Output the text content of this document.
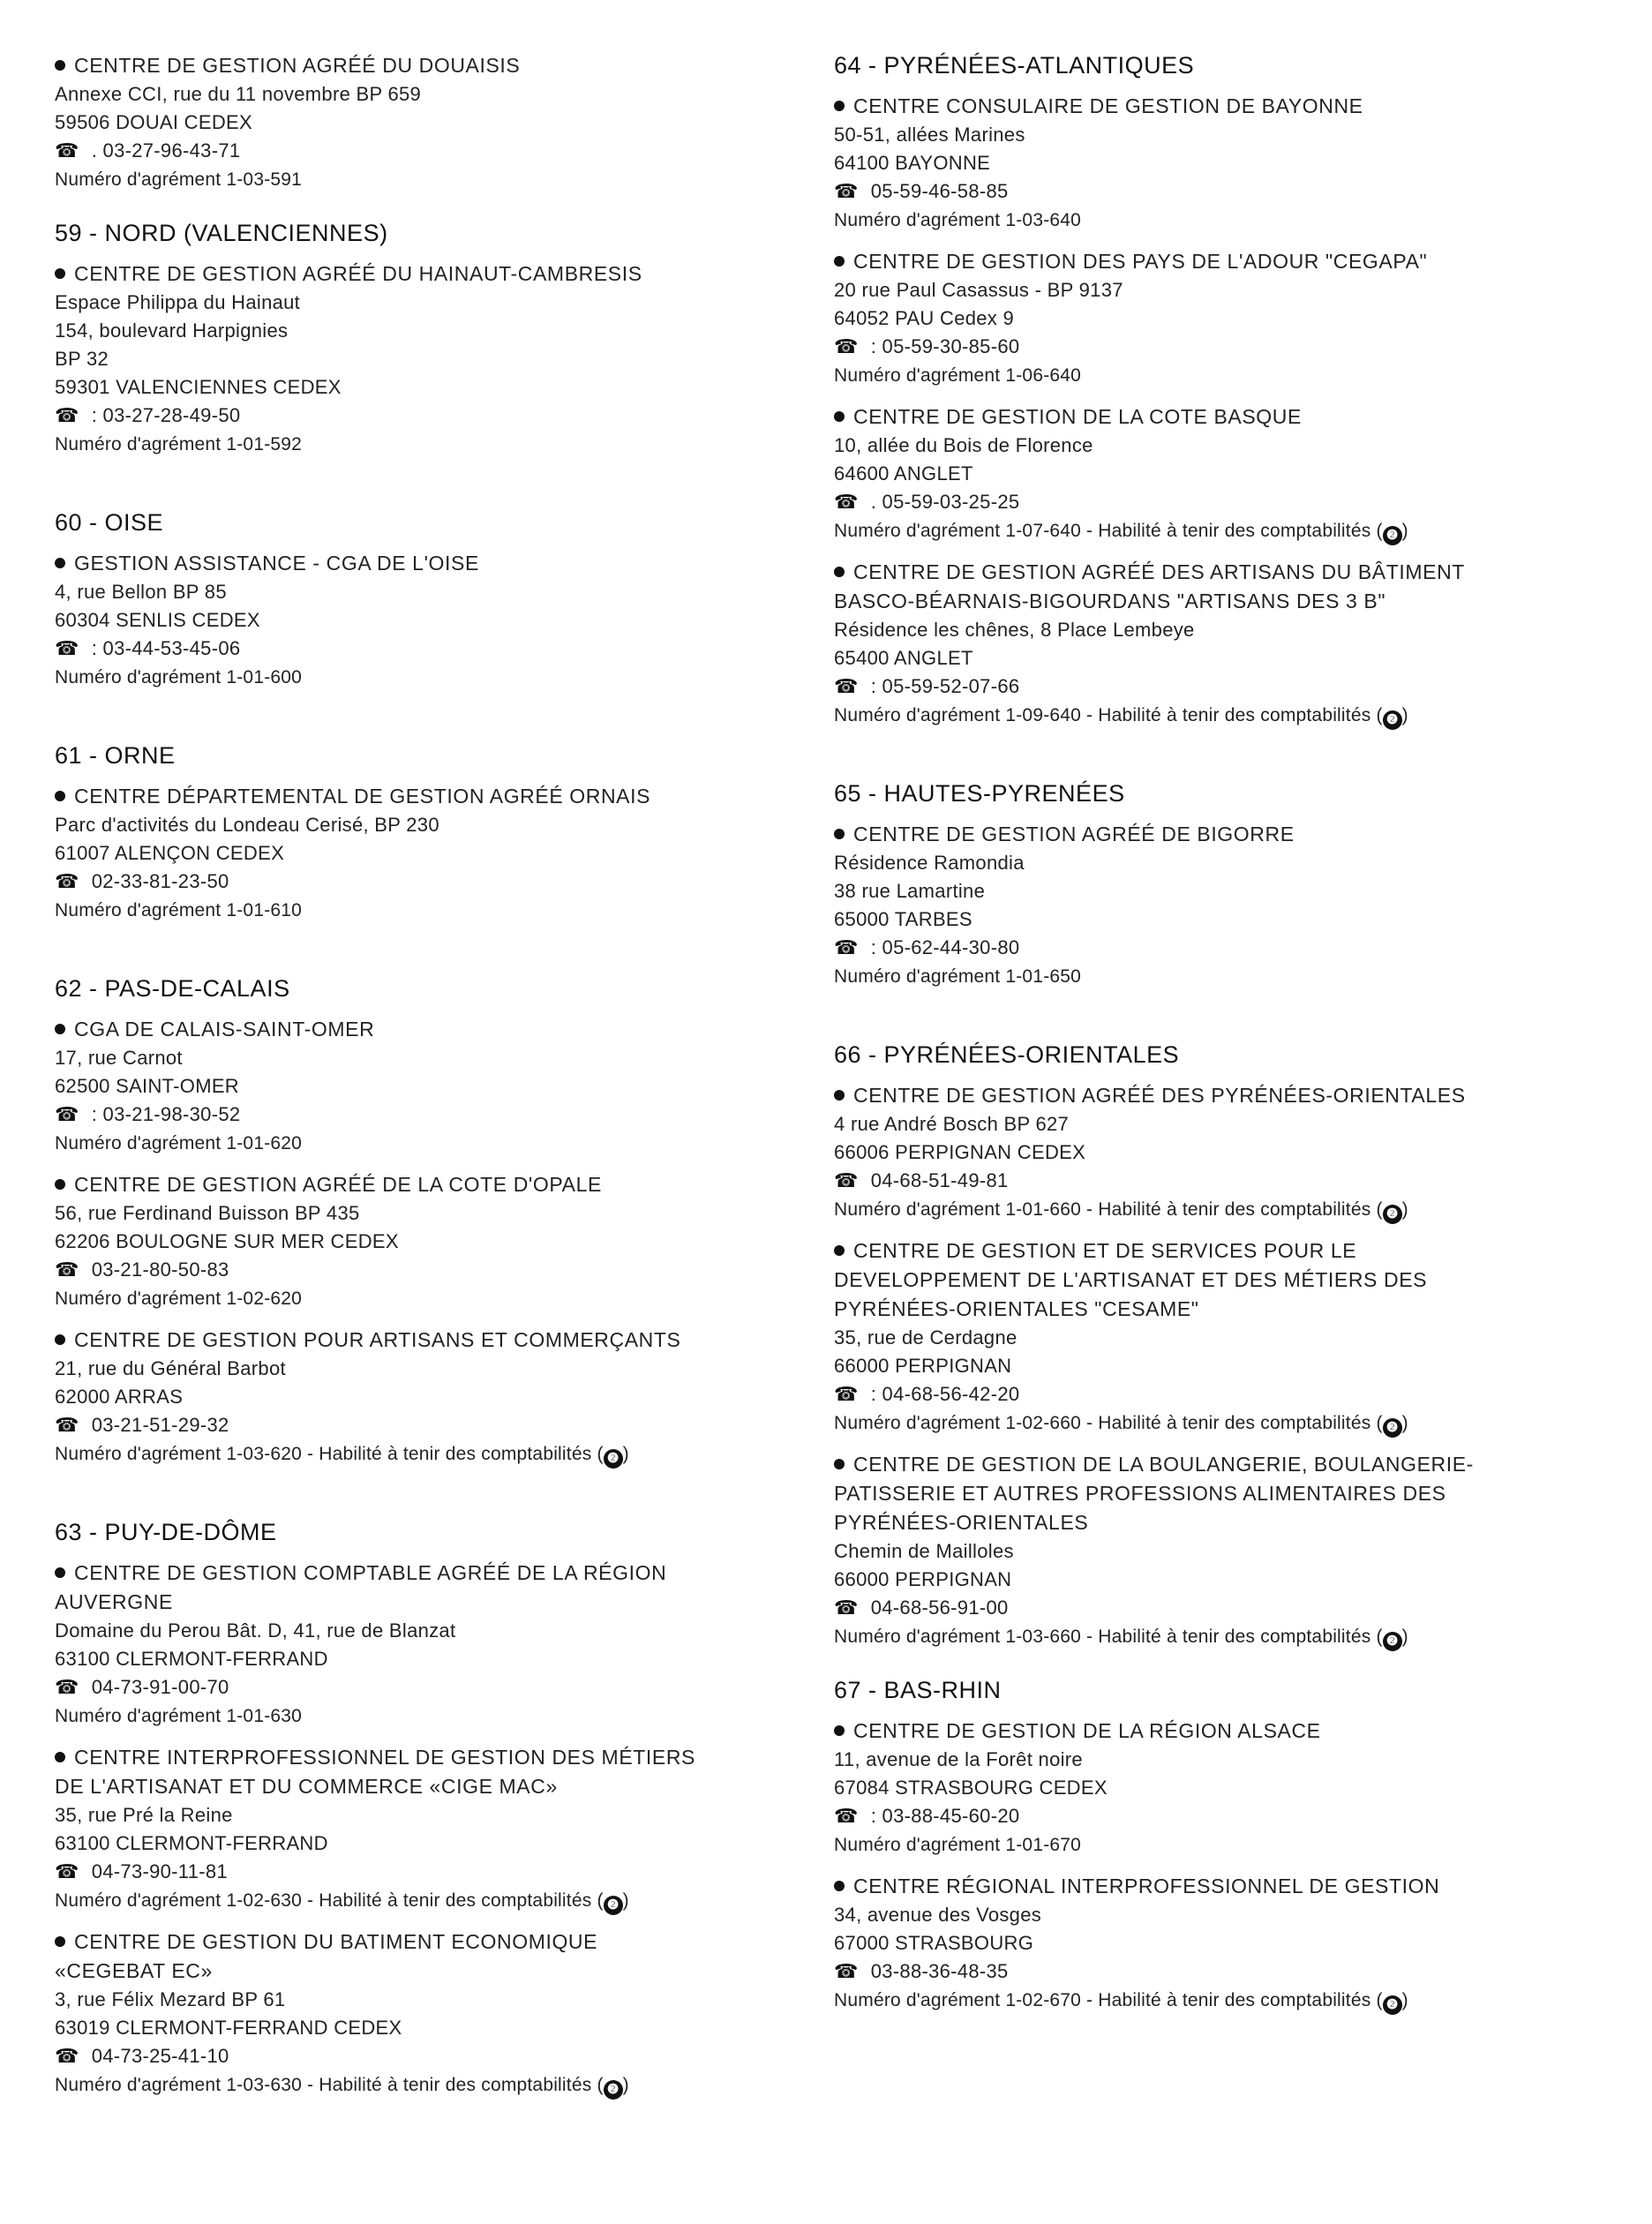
CENTRE DE GESTION AGRÉÉ DU DOUAISIS
Annexe CCI, rue du 11 novembre BP 659
59506 DOUAI CEDEX
☎ . 03-27-96-43-71
Numéro d'agrément 1-03-591
59 - NORD (VALENCIENNES)
CENTRE DE GESTION AGRÉÉ DU HAINAUT-CAMBRESIS
Espace Philippa du Hainaut
154, boulevard Harpignies
BP 32
59301 VALENCIENNES CEDEX
☎ : 03-27-28-49-50
Numéro d'agrément 1-01-592
60 - OISE
GESTION ASSISTANCE - CGA DE L'OISE
4, rue Bellon BP 85
60304 SENLIS CEDEX
☎ : 03-44-53-45-06
Numéro d'agrément 1-01-600
61 - ORNE
CENTRE DÉPARTEMENTAL DE GESTION AGRÉÉ ORNAIS
Parc d'activités du Londeau Cerisé, BP 230
61007 ALENÇON CEDEX
☎ 02-33-81-23-50
Numéro d'agrément 1-01-610
62 - PAS-DE-CALAIS
CGA DE CALAIS-SAINT-OMER
17, rue Carnot
62500 SAINT-OMER
☎ : 03-21-98-30-52
Numéro d'agrément 1-01-620
CENTRE DE GESTION AGRÉÉ DE LA COTE D'OPALE
56, rue Ferdinand Buisson BP 435
62206 BOULOGNE SUR MER CEDEX
☎ 03-21-80-50-83
Numéro d'agrément 1-02-620
CENTRE DE GESTION POUR ARTISANS ET COMMERÇANTS
21, rue du Général Barbot
62000 ARRAS
☎ 03-21-51-29-32
Numéro d'agrément 1-03-620 - Habilité à tenir des comptabilités ( ❷ )
63 - PUY-DE-DÔME
CENTRE DE GESTION COMPTABLE AGRÉÉ DE LA RÉGION
AUVERGNE
Domaine du Perou Bât. D, 41, rue de Blanzat
63100 CLERMONT-FERRAND
☎ 04-73-91-00-70
Numéro d'agrément 1-01-630
CENTRE INTERPROFESSIONNEL DE GESTION DES MÉTIERS
DE L'ARTISANAT ET DU COMMERCE «CIGE MAC»
35, rue Pré la Reine
63100 CLERMONT-FERRAND
☎ 04-73-90-11-81
Numéro d'agrément 1-02-630 - Habilité à tenir des comptabilités ( ❷ )
CENTRE DE GESTION DU BATIMENT ECONOMIQUE
«CEGEBAT EC»
3, rue Félix Mezard BP 61
63019 CLERMONT-FERRAND CEDEX
☎ 04-73-25-41-10
Numéro d'agrément 1-03-630 - Habilité à tenir des comptabilités ( ❷ )
64 - PYRÉNÉES-ATLANTIQUES
CENTRE CONSULAIRE DE GESTION DE BAYONNE
50-51, allées Marines
64100 BAYONNE
☎ 05-59-46-58-85
Numéro d'agrément 1-03-640
CENTRE DE GESTION DES PAYS DE L'ADOUR "CEGAPA"
20 rue Paul Casassus - BP 9137
64052 PAU Cedex 9
☎ : 05-59-30-85-60
Numéro d'agrément 1-06-640
CENTRE DE GESTION DE LA COTE BASQUE
10, allée du Bois de Florence
64600 ANGLET
☎ . 05-59-03-25-25
Numéro d'agrément 1-07-640 - Habilité à tenir des comptabilités ( ❷ )
CENTRE DE GESTION AGRÉÉ DES ARTISANS DU BÂTIMENT
BASCO-BÉARNAIS-BIGOURDANS "ARTISANS DES 3 B"
Résidence les chênes, 8 Place Lembeye
65400 ANGLET
☎ : 05-59-52-07-66
Numéro d'agrément 1-09-640 - Habilité à tenir des comptabilités ( ❷ )
65 - HAUTES-PYRENÉES
CENTRE DE GESTION AGRÉÉ DE BIGORRE
Résidence Ramondia
38 rue Lamartine
65000 TARBES
☎ : 05-62-44-30-80
Numéro d'agrément 1-01-650
66 - PYRÉNÉES-ORIENTALES
CENTRE DE GESTION AGRÉÉ DES PYRÉNÉES-ORIENTALES
4 rue André Bosch BP 627
66006 PERPIGNAN CEDEX
☎ 04-68-51-49-81
Numéro d'agrément 1-01-660 - Habilité à tenir des comptabilités ( ❷ )
CENTRE DE GESTION ET DE SERVICES POUR LE
DEVELOPPEMENT DE L'ARTISANAT ET DES MÉTIERS DES
PYRÉNÉES-ORIENTALES "CESAME"
35, rue de Cerdagne
66000 PERPIGNAN
☎ : 04-68-56-42-20
Numéro d'agrément 1-02-660 - Habilité à tenir des comptabilités ( ❷ )
CENTRE DE GESTION DE LA BOULANGERIE, BOULANGERIE-
PATISSERIE ET AUTRES PROFESSIONS ALIMENTAIRES DES
PYRÉNÉES-ORIENTALES
Chemin de Mailloles
66000 PERPIGNAN
☎ 04-68-56-91-00
Numéro d'agrément 1-03-660 - Habilité à tenir des comptabilités ( ❷ )
67 - BAS-RHIN
CENTRE DE GESTION DE LA RÉGION ALSACE
11, avenue de la Forêt noire
67084 STRASBOURG CEDEX
☎ : 03-88-45-60-20
Numéro d'agrément 1-01-670
CENTRE RÉGIONAL INTERPROFESSIONNEL DE GESTION
34, avenue des Vosges
67000 STRASBOURG
☎ 03-88-36-48-35
Numéro d'agrément 1-02-670 - Habilité à tenir des comptabilités ( ❷ )
